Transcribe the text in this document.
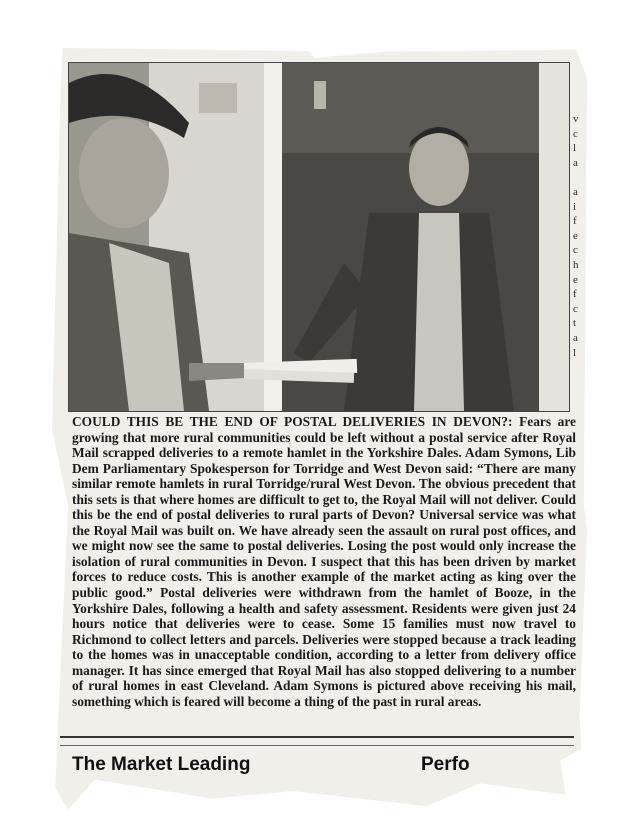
v
c
l
a

a
i
f
e
c
h
e
f
c
t
a
l

COULD THIS BE THE END OF POSTAL DELIVERIES IN DEVON?: Fears are growing that more rural communities could be left without a postal service after Royal Mail scrapped deliveries to a remote hamlet in the Yorkshire Dales. Adam Symons, Lib Dem Parliamentary Spokesperson for Torridge and West Devon said: “There are many similar remote hamlets in rural Torridge/rural West Devon. The obvious precedent that this sets is that where homes are difficult to get to, the Royal Mail will not deliver. Could this be the end of postal deliveries to rural parts of Devon? Universal service was what the Royal Mail was built on. We have already seen the assault on rural post offices, and we might now see the same to postal deliveries. Losing the post would only increase the isolation of rural communities in Devon. I suspect that this has been driven by market forces to reduce costs. This is another example of the market acting as king over the public good.” Postal deliveries were withdrawn from the hamlet of Booze, in the Yorkshire Dales, following a health and safety assessment. Residents were given just 24 hours notice that deliveries were to cease. Some 15 families must now travel to Richmond to collect letters and parcels. Deliveries were stopped because a track leading to the homes was in unacceptable condition, according to a letter from delivery office manager. It has since emerged that Royal Mail has also stopped delivering to a number of rural homes in east Cleveland. Adam Symons is pictured above receiving his mail, something which is feared will become a thing of the past in rural areas.

The Market Leading	Perfo
